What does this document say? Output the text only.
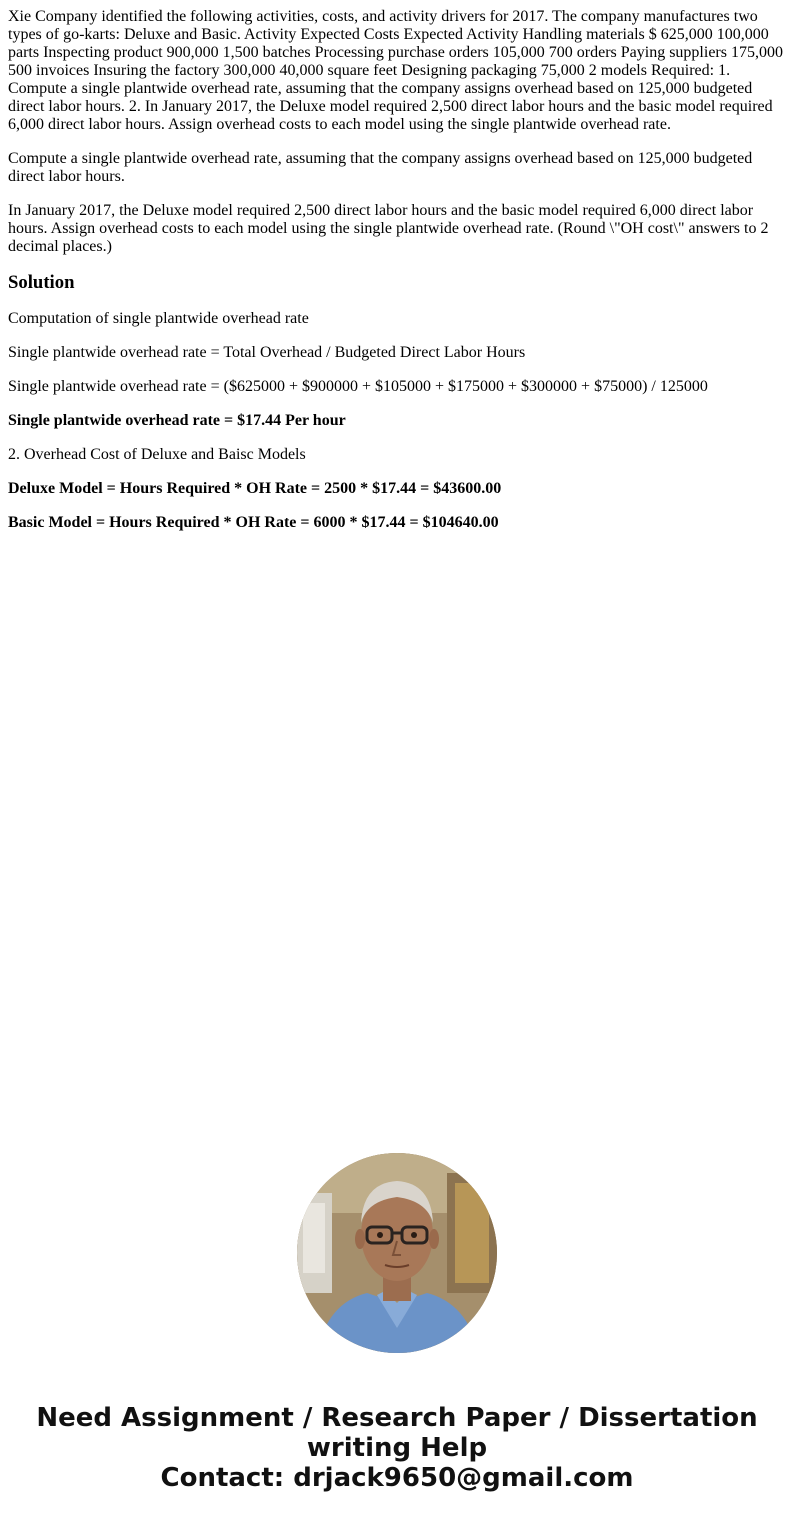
Xie Company identified the following activities, costs, and activity drivers for 2017. The company manufactures two types of go-karts: Deluxe and Basic. Activity Expected Costs Expected Activity Handling materials $ 625,000 100,000 parts Inspecting product 900,000 1,500 batches Processing purchase orders 105,000 700 orders Paying suppliers 175,000 500 invoices Insuring the factory 300,000 40,000 square feet Designing packaging 75,000 2 models Required: 1. Compute a single plantwide overhead rate, assuming that the company assigns overhead based on 125,000 budgeted direct labor hours. 2. In January 2017, the Deluxe model required 2,500 direct labor hours and the basic model required 6,000 direct labor hours. Assign overhead costs to each model using the single plantwide overhead rate.

Compute a single plantwide overhead rate, assuming that the company assigns overhead based on 125,000 budgeted direct labor hours.

In January 2017, the Deluxe model required 2,500 direct labor hours and the basic model required 6,000 direct labor hours. Assign overhead costs to each model using the single plantwide overhead rate. (Round \"OH cost\" answers to 2 decimal places.)

Solution

Computation of single plantwide overhead rate

Single plantwide overhead rate = Total Overhead / Budgeted Direct Labor Hours

Single plantwide overhead rate = ($625000 + $900000 + $105000 + $175000 + $300000 + $75000) / 125000

Single plantwide overhead rate = $17.44 Per hour

2. Overhead Cost of Deluxe and Baisc Models

Deluxe Model = Hours Required * OH Rate = 2500 * $17.44 = $43600.00

Basic Model = Hours Required * OH Rate = 6000 * $17.44 = $104640.00

Need Assignment / Research Paper / Dissertation
writing Help
Contact: drjack9650@gmail.com
